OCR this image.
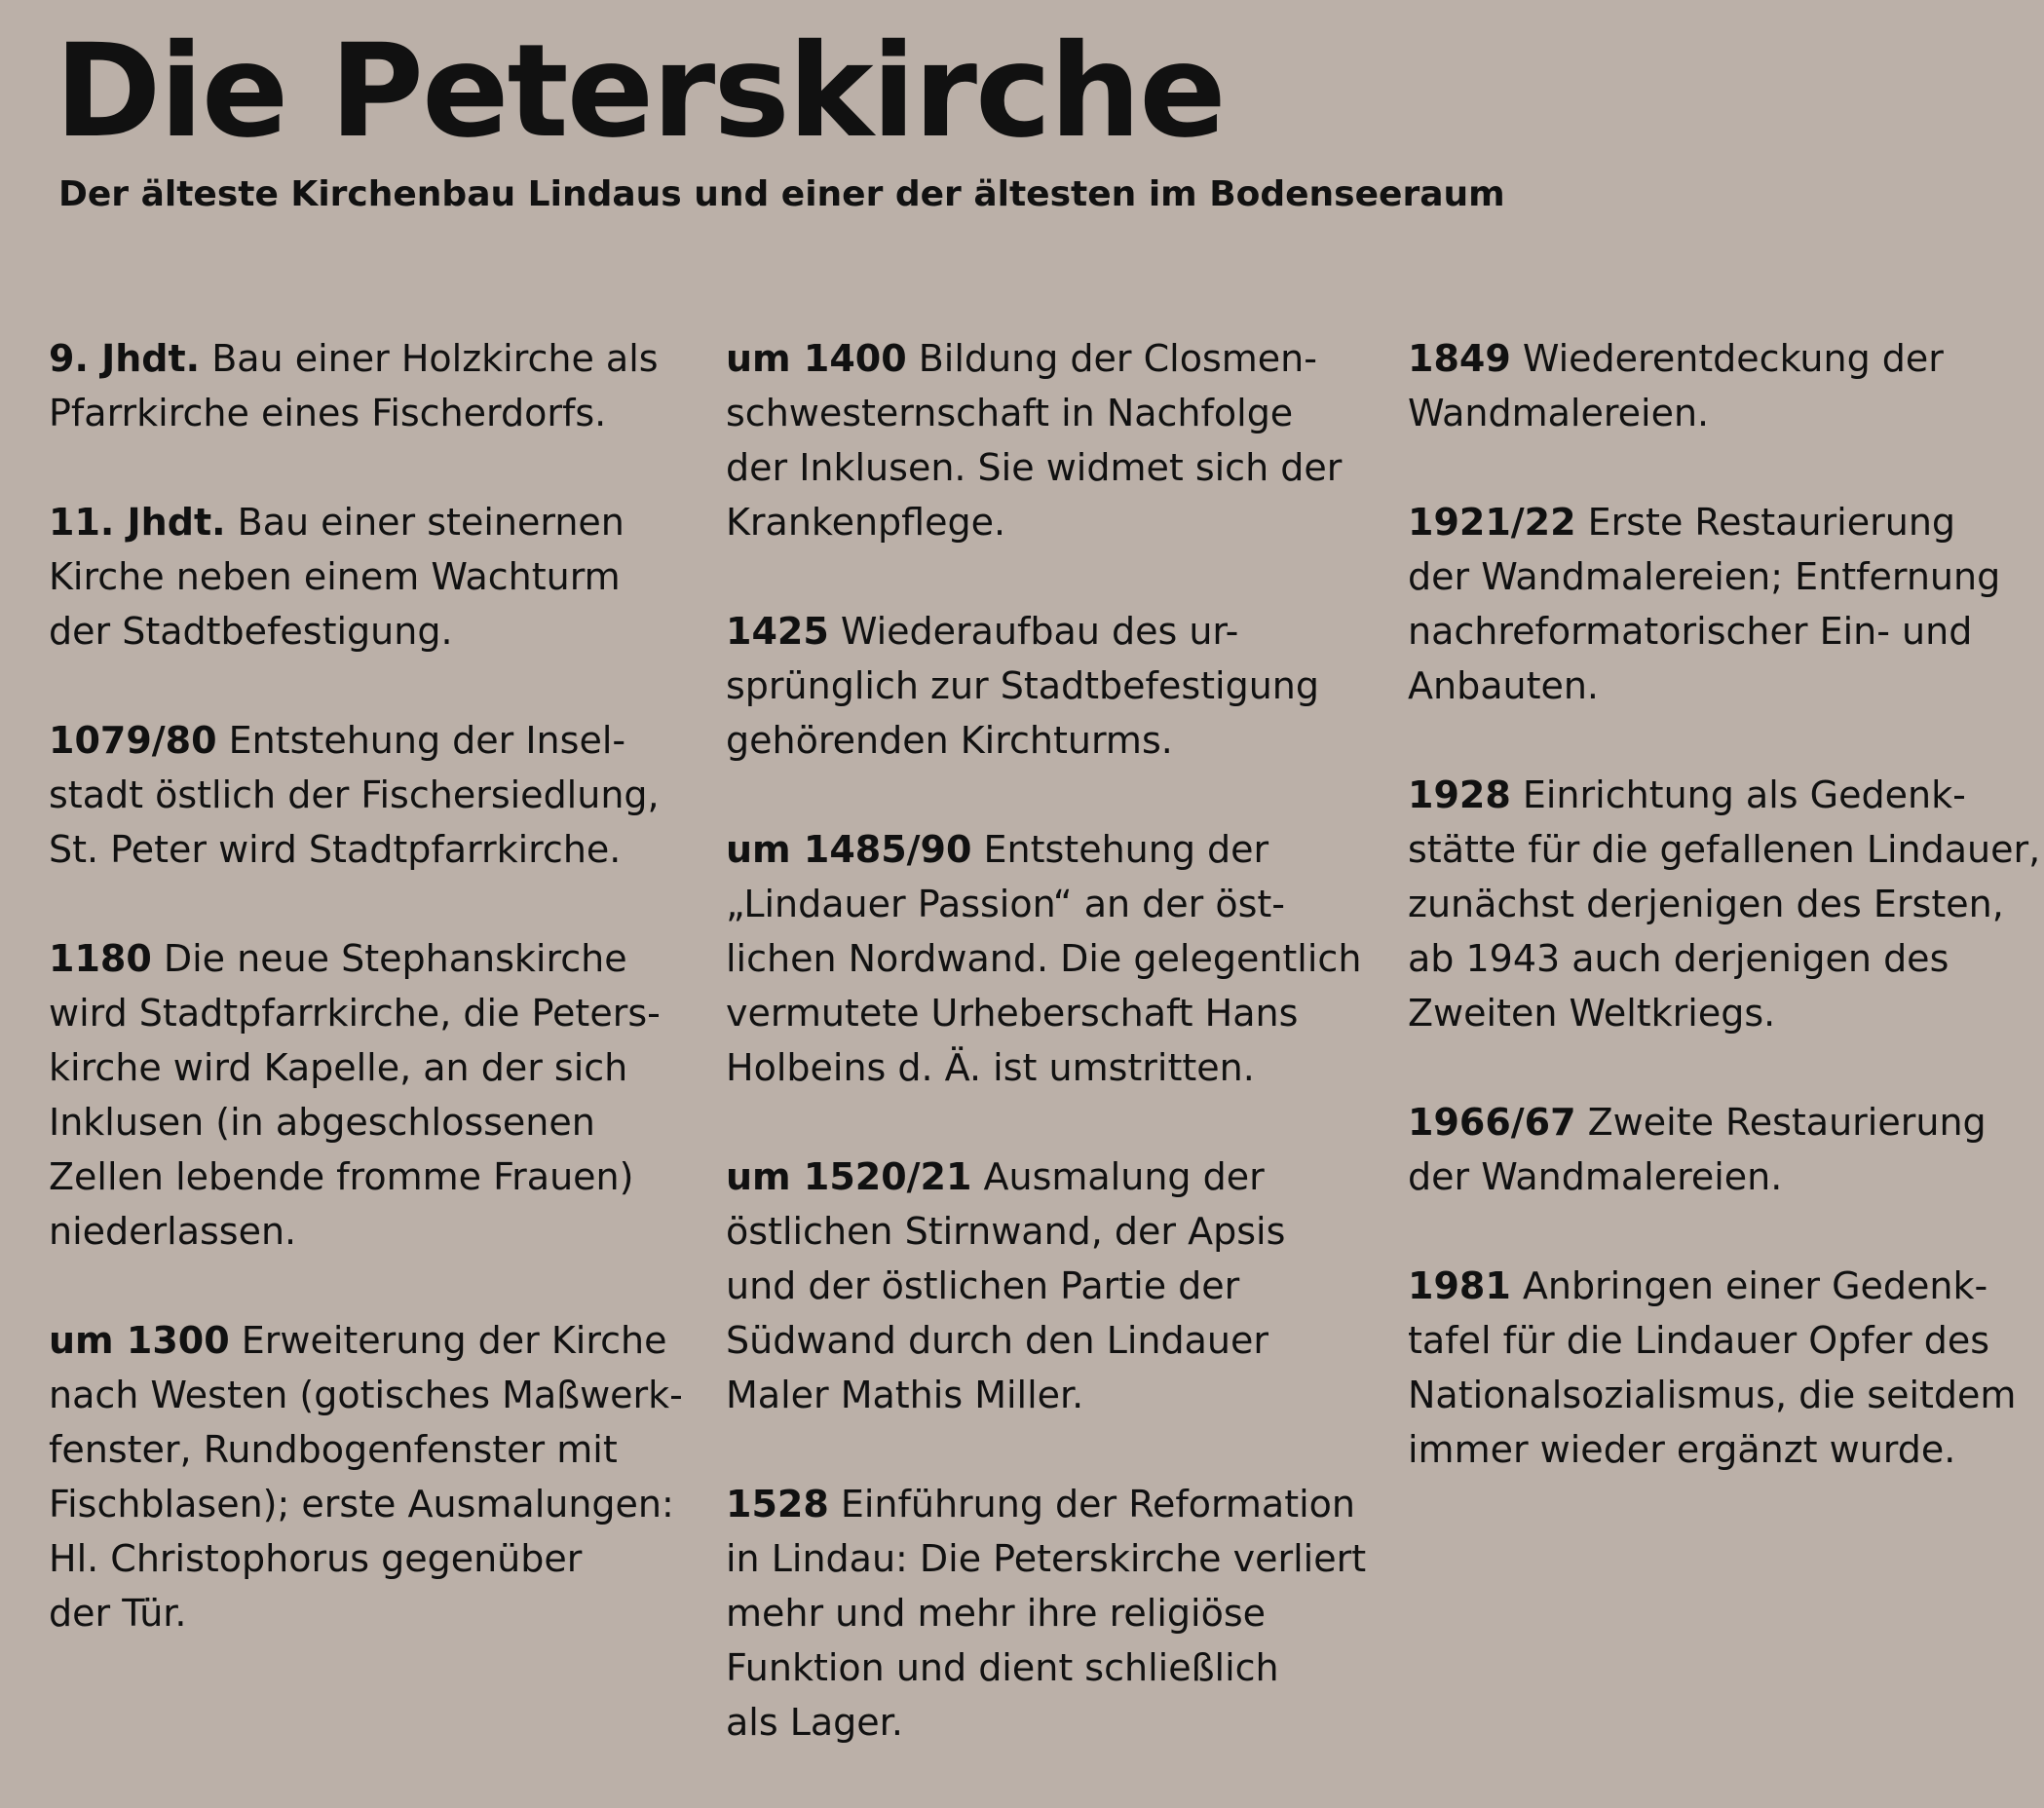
Die Peterskirche

Der älteste Kirchenbau Lindaus und einer der ältesten im Bodenseeraum

9. Jhdt. Bau einer Holzkirche als
Pfarrkirche eines Fischerdorfs.

11. Jhdt. Bau einer steinernen
Kirche neben einem Wachturm
der Stadtbefestigung.

1079/80 Entstehung der Insel-
stadt östlich der Fischersiedlung,
St. Peter wird Stadtpfarrkirche.

1180 Die neue Stephanskirche
wird Stadtpfarrkirche, die Peters-
kirche wird Kapelle, an der sich
Inklusen (in abgeschlossenen
Zellen lebende fromme Frauen)
niederlassen.

um 1300 Erweiterung der Kirche
nach Westen (gotisches Maßwerk-
fenster, Rundbogenfenster mit
Fischblasen); erste Ausmalungen:
Hl. Christophorus gegenüber
der Tür.

um 1400 Bildung der Closmen-
schwesternschaft in Nachfolge
der Inklusen. Sie widmet sich der
Krankenpflege.

1425 Wiederaufbau des ur-
sprünglich zur Stadtbefestigung
gehörenden Kirchturms.

um 1485/90 Entstehung der
„Lindauer Passion“ an der öst-
lichen Nordwand. Die gelegentlich
vermutete Urheberschaft Hans
Holbeins d. Ä. ist umstritten.

um 1520/21 Ausmalung der
östlichen Stirnwand, der Apsis
und der östlichen Partie der
Südwand durch den Lindauer
Maler Mathis Miller.

1528 Einführung der Reformation
in Lindau: Die Peterskirche verliert
mehr und mehr ihre religiöse
Funktion und dient schließlich
als Lager.

1849 Wiederentdeckung der
Wandmalereien.

1921/22 Erste Restaurierung
der Wandmalereien; Entfernung
nachreformatorischer Ein- und
Anbauten.

1928 Einrichtung als Gedenk-
stätte für die gefallenen Lindauer,
zunächst derjenigen des Ersten,
ab 1943 auch derjenigen des
Zweiten Weltkriegs.

1966/67 Zweite Restaurierung
der Wandmalereien.

1981 Anbringen einer Gedenk-
tafel für die Lindauer Opfer des
Nationalsozialismus, die seitdem
immer wieder ergänzt wurde.
